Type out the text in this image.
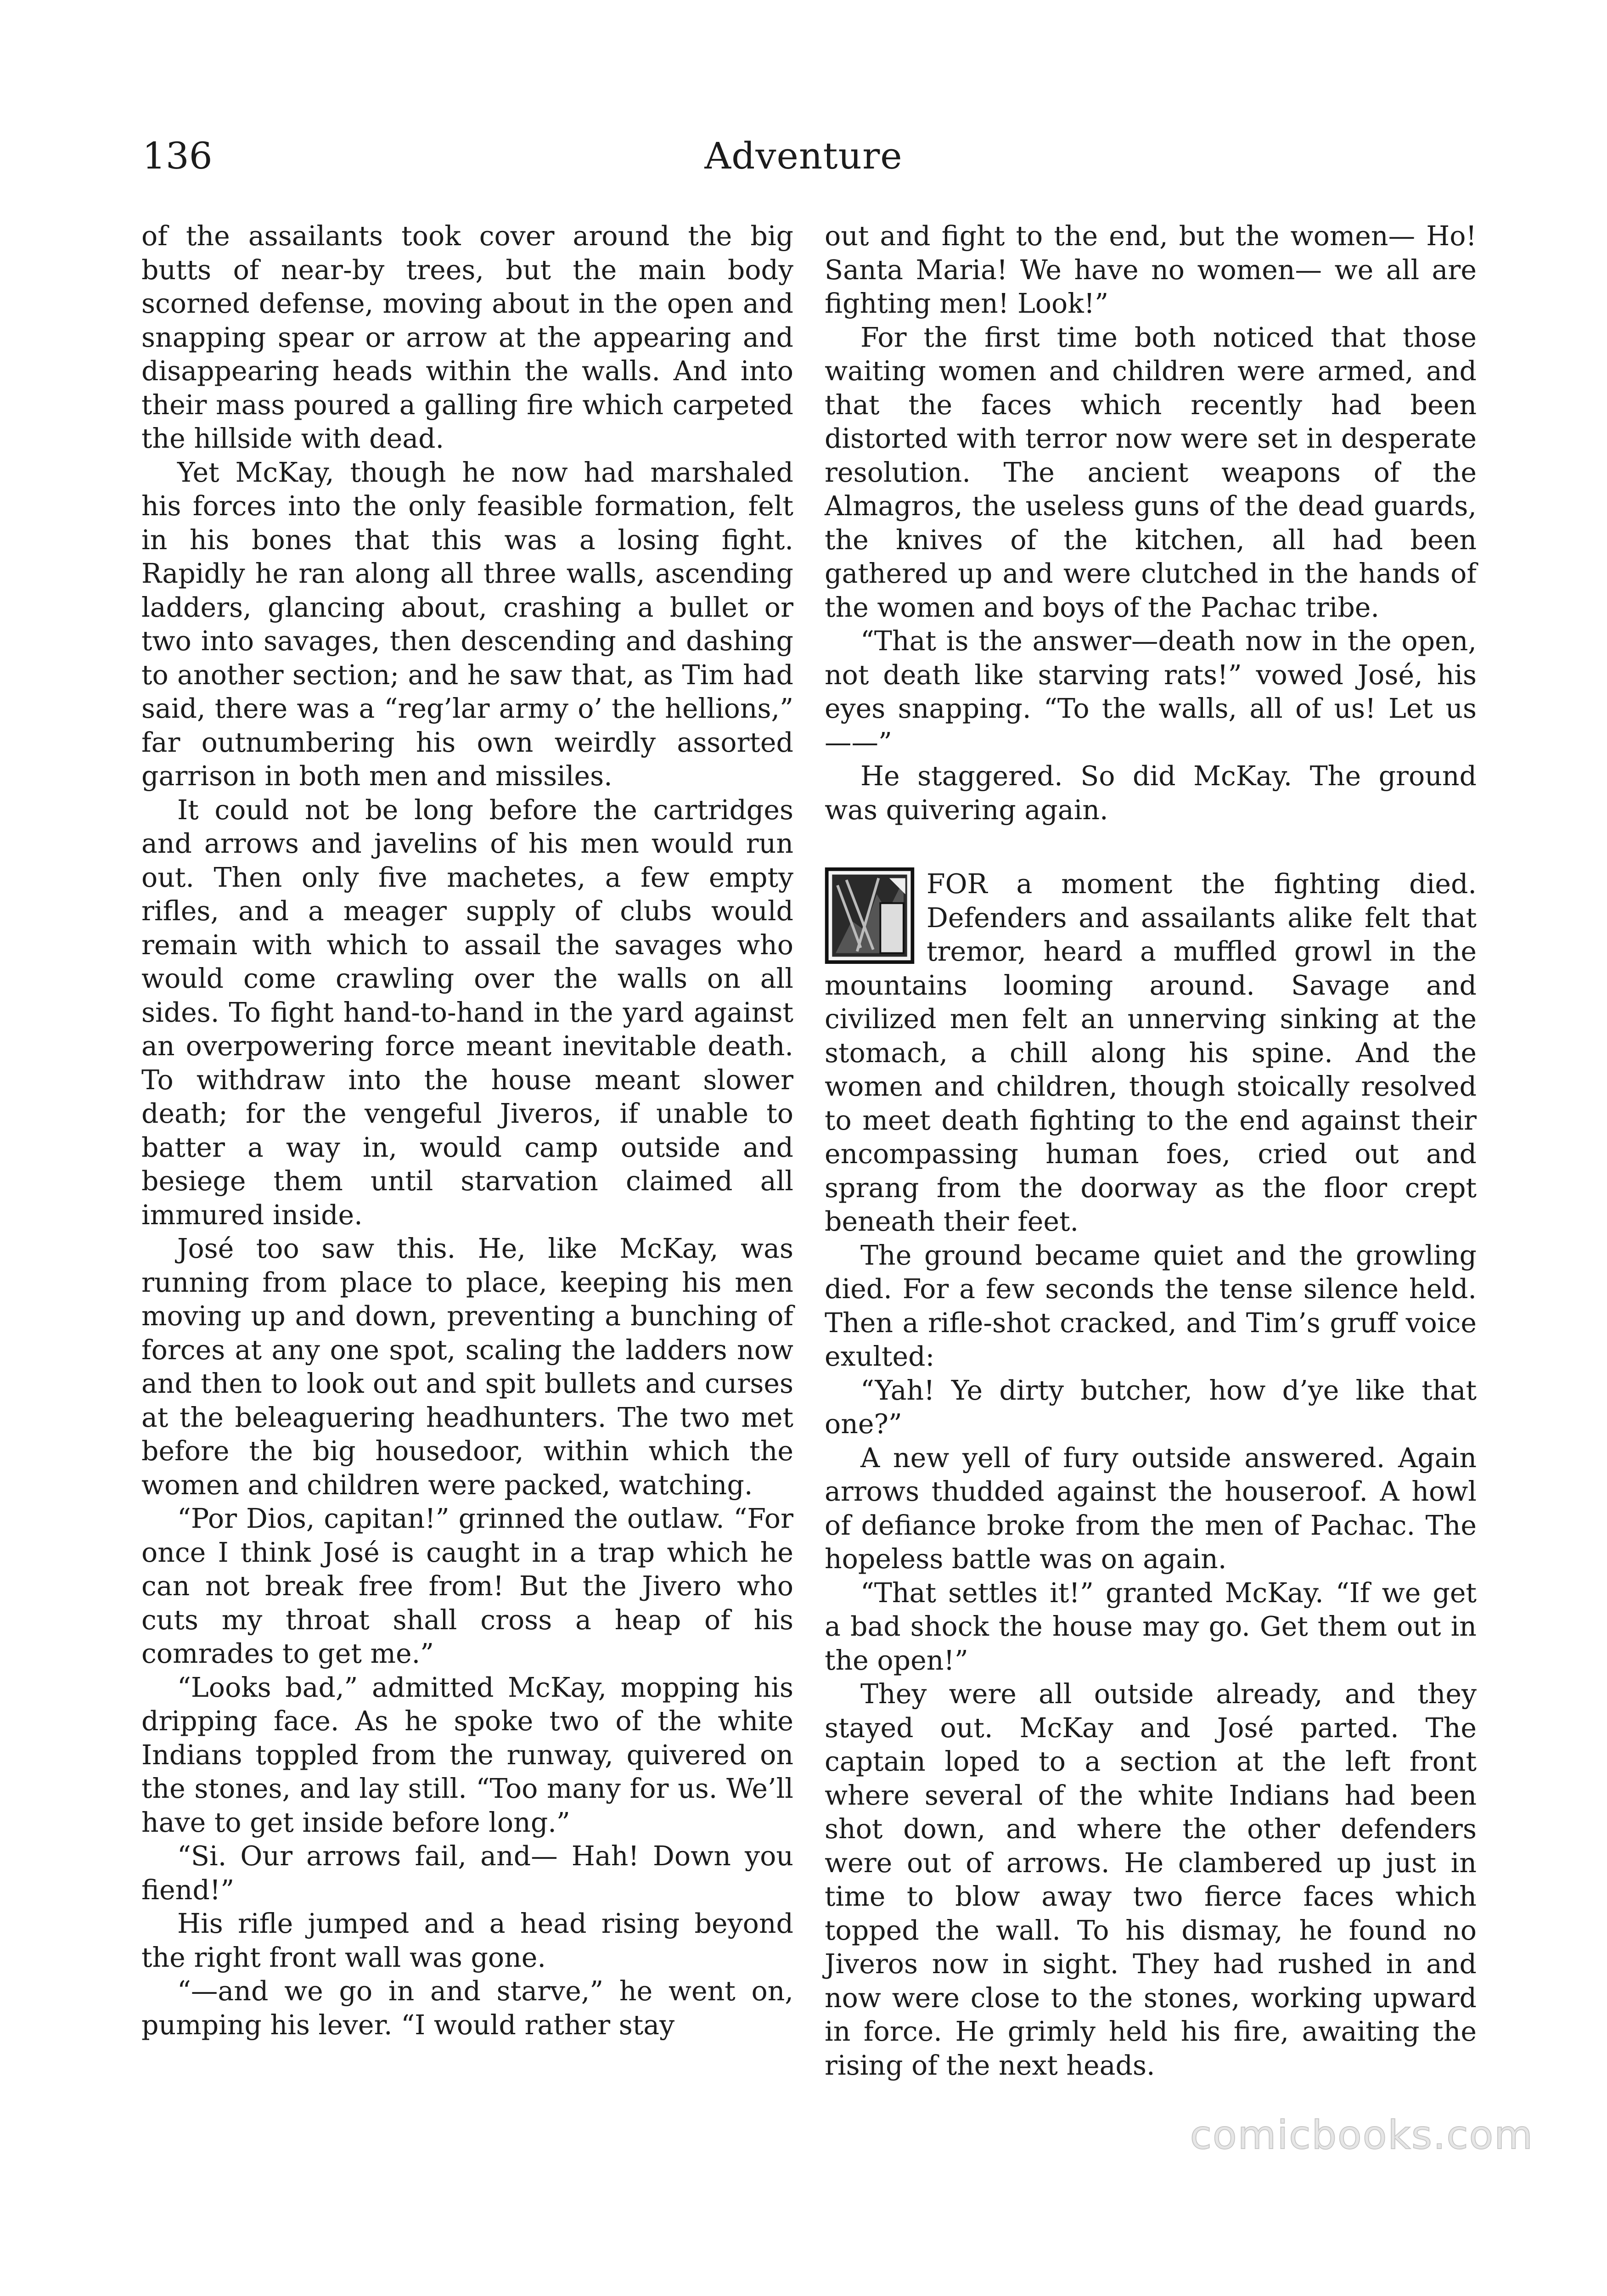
136	Adventure

of the assailants took cover around the big butts of near-by trees, but the main body scorned defense, moving about in the open and snapping spear or arrow at the appearing and disappearing heads within the walls. And into their mass poured a galling fire which carpeted the hillside with dead.

Yet McKay, though he now had marshaled his forces into the only feasible formation, felt in his bones that this was a losing fight. Rapidly he ran along all three walls, ascending ladders, glancing about, crashing a bullet or two into savages, then descending and dashing to another section; and he saw that, as Tim had said, there was a “reg’lar army o’ the hellions,” far outnumbering his own weirdly assorted garrison in both men and missiles.

It could not be long before the cartridges and arrows and javelins of his men would run out. Then only five machetes, a few empty rifles, and a meager supply of clubs would remain with which to assail the savages who would come crawling over the walls on all sides. To fight hand-to-hand in the yard against an overpowering force meant inevitable death. To withdraw into the house meant slower death; for the vengeful Jiveros, if unable to batter a way in, would camp outside and besiege them until starvation claimed all immured inside.

José too saw this. He, like McKay, was running from place to place, keeping his men moving up and down, preventing a bunching of forces at any one spot, scaling the ladders now and then to look out and spit bullets and curses at the beleaguering headhunters. The two met before the big housedoor, within which the women and children were packed, watching.

“Por Dios, capitan!” grinned the outlaw. “For once I think José is caught in a trap which he can not break free from! But the Jivero who cuts my throat shall cross a heap of his comrades to get me.”

“Looks bad,” admitted McKay, mopping his dripping face. As he spoke two of the white Indians toppled from the runway, quivered on the stones, and lay still. “Too many for us. We’ll have to get inside before long.”

“Si. Our arrows fail, and— Hah! Down you fiend!”

His rifle jumped and a head rising beyond the right front wall was gone.

“—and we go in and starve,” he went on, pumping his lever. “I would rather stay

out and fight to the end, but the women— Ho! Santa Maria! We have no women— we all are fighting men! Look!”

For the first time both noticed that those waiting women and children were armed, and that the faces which recently had been distorted with terror now were set in desperate resolution. The ancient weapons of the Almagros, the useless guns of the dead guards, the knives of the kitchen, all had been gathered up and were clutched in the hands of the women and boys of the Pachac tribe.

“That is the answer—death now in the open, not death like starving rats!” vowed José, his eyes snapping. “To the walls, all of us! Let us——”

He staggered. So did McKay. The ground was quivering again.

FOR a moment the fighting died. Defenders and assailants alike felt that tremor, heard a muffled growl in the mountains looming around. Savage and civilized men felt an unnerving sinking at the stomach, a chill along his spine. And the women and children, though stoically resolved to meet death fighting to the end against their encompassing human foes, cried out and sprang from the doorway as the floor crept beneath their feet.

The ground became quiet and the growling died. For a few seconds the tense silence held. Then a rifle-shot cracked, and Tim’s gruff voice exulted:

“Yah! Ye dirty butcher, how d’ye like that one?”

A new yell of fury outside answered. Again arrows thudded against the houseroof. A howl of defiance broke from the men of Pachac. The hopeless battle was on again.

“That settles it!” granted McKay. “If we get a bad shock the house may go. Get them out in the open!”

They were all outside already, and they stayed out. McKay and José parted. The captain loped to a section at the left front where several of the white Indians had been shot down, and where the other defenders were out of arrows. He clambered up just in time to blow away two fierce faces which topped the wall. To his dismay, he found no Jiveros now in sight. They had rushed in and now were close to the stones, working upward in force. He grimly held his fire, awaiting the rising of the next heads.

comicbooks.com
